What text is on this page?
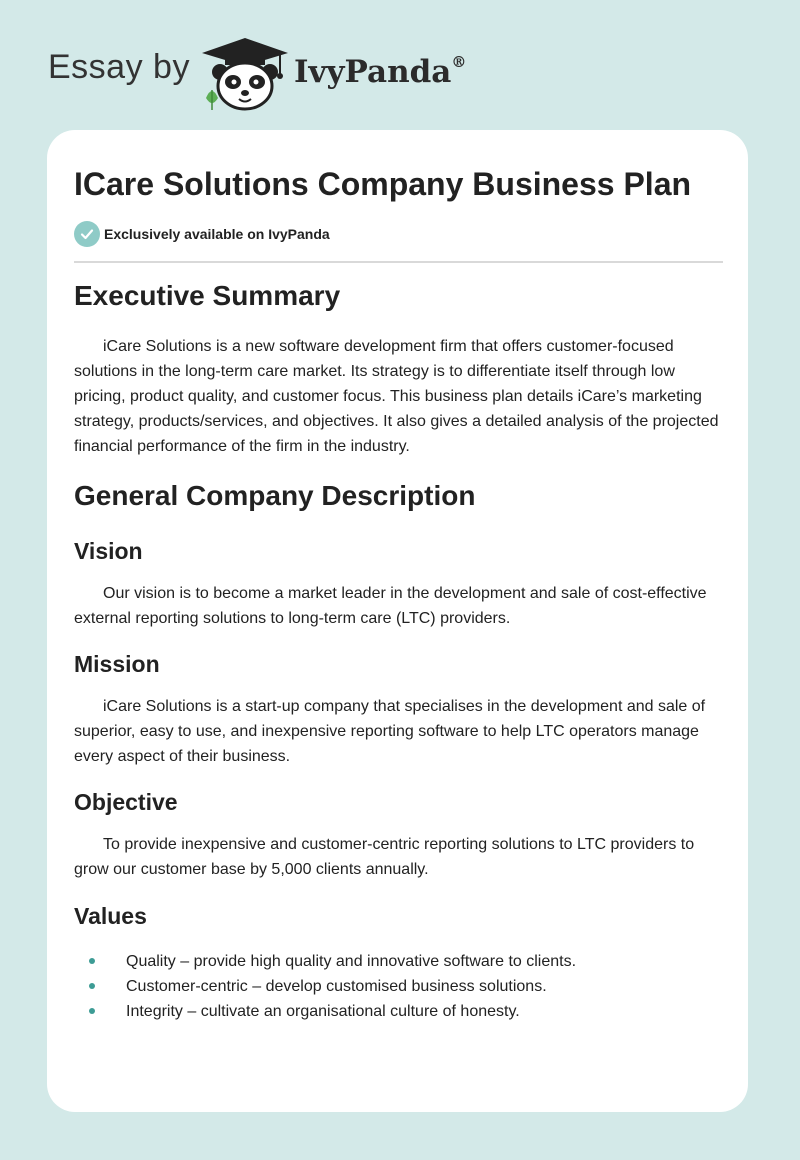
Essay by	IvyPanda®
ICare Solutions Company Business Plan
Exclusively available on IvyPanda
Executive Summary

iCare Solutions is a new software development firm that offers customer-focused solutions in the long-term care market. Its strategy is to differentiate itself through low pricing, product quality, and customer focus. This business plan details iCare’s marketing strategy, products/services, and objectives. It also gives a detailed analysis of the projected financial performance of the firm in the industry.

General Company Description
Vision

Our vision is to become a market leader in the development and sale of cost-effective external reporting solutions to long-term care (LTC) providers.

Mission

iCare Solutions is a start-up company that specialises in the development and sale of superior, easy to use, and inexpensive reporting software to help LTC operators manage every aspect of their business.

Objective

To provide inexpensive and customer-centric reporting solutions to LTC providers to grow our customer base by 5,000 clients annually.

Values
Quality – provide high quality and innovative software to clients.
Customer-centric – develop customised business solutions.
Integrity – cultivate an organisational culture of honesty.
